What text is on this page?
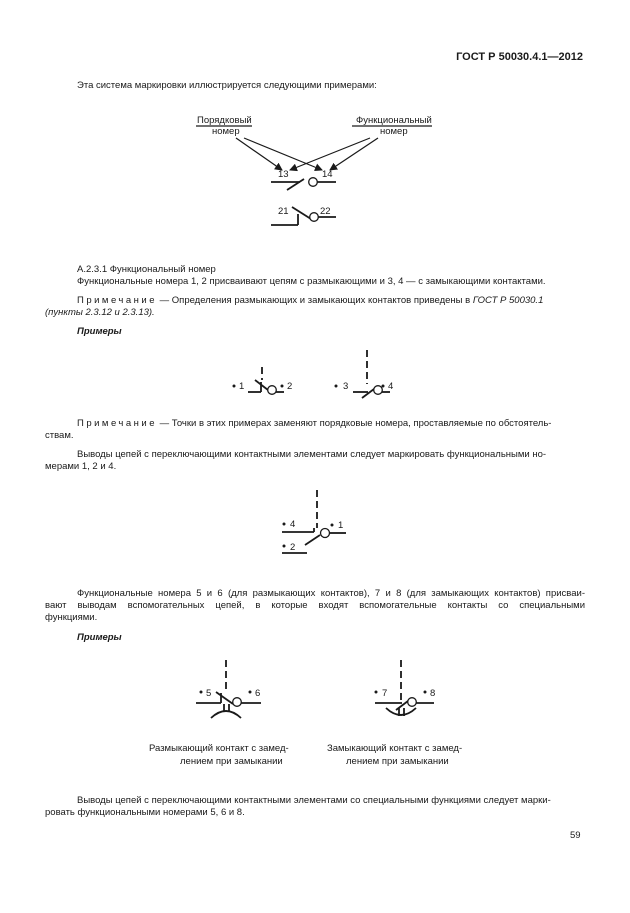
ГОСТ Р 50030.4.1—2012
Эта система маркировки иллюстрируется следующими примерами:
Порядковый
номер
Функциональный
номер
13	14
21	22
А.2.3.1 Функциональный номер
Функциональные номера 1, 2 присваивают цепям с размыкающими и 3, 4 — с замыкающими контактами.
Примечание — Определения размыкающих и замыкающих контактов приведены в ГОСТ Р 50030.1
(пункты 2.3.12 и 2.3.13).
Примеры
1	2	3	4
Примечание — Точки в этих примерах заменяют порядковые номера, проставляемые по обстоятель-
ствам.
Выводы цепей с переключающими контактными элементами следует маркировать функциональными но-
мерами 1, 2 и 4.
4	1
2
Функциональные номера 5 и 6 (для размыкающих контактов), 7 и 8 (для замыкающих контактов) присваи-
вают выводам вспомогательных цепей, в которые входят вспомогательные контакты со специальными
функциями.
Примеры
5	6	7	8
Размыкающий контакт с замед-
лением при замыкании
Замыкающий контакт с замед-
лением при замыкании
Выводы цепей с переключающими контактными элементами со специальными функциями следует марки-
ровать функциональными номерами 5, 6 и 8.
59
